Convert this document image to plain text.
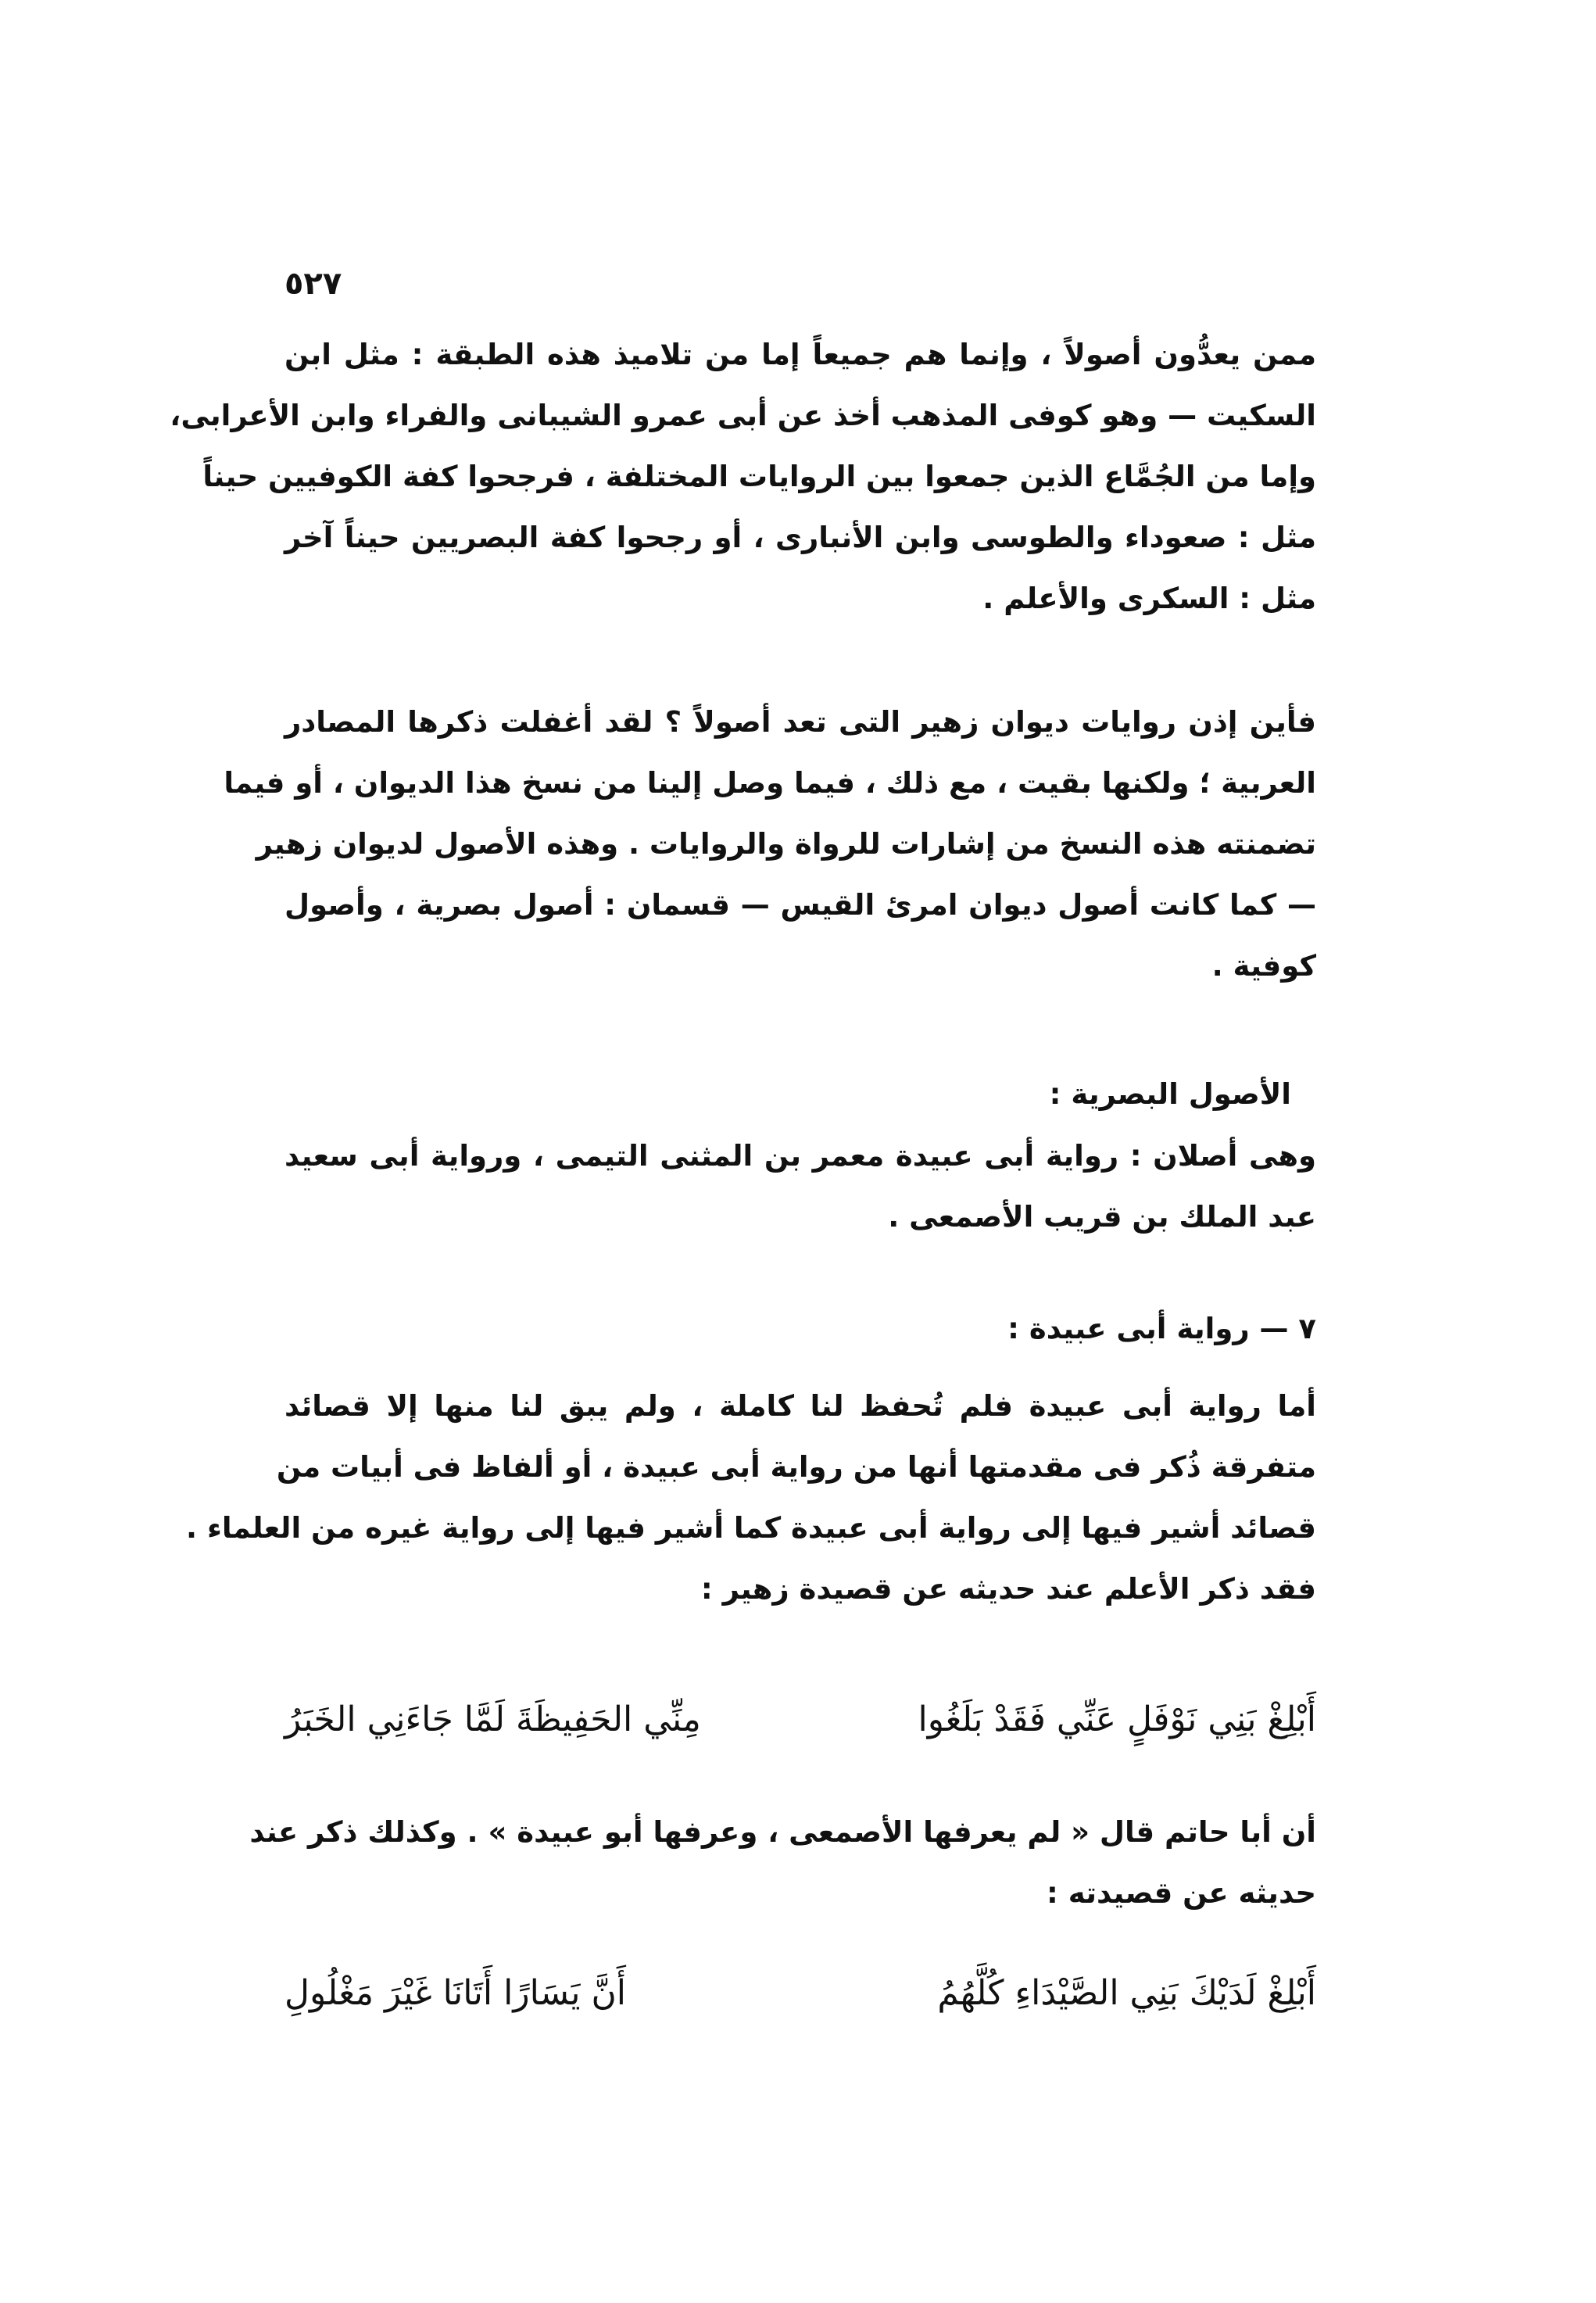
٥٢٧
ممن يعدُّون أصولاً ، وإنما هم جميعاً إما من تلاميذ هذه الطبقة : مثل ابن
السكيت — وهو كوفى المذهب أخذ عن أبى عمرو الشيبانى والفراء وابن الأعرابى،
وإما من الجُمَّاع الذين جمعوا بين الروايات المختلفة ، فرجحوا كفة الكوفيين حيناً
مثل : صعوداء والطوسى وابن الأنبارى ، أو رجحوا كفة البصريين حيناً آخر
مثل : السكرى والأعلم .
فأين إذن روايات ديوان زهير التى تعد أصولاً ؟ لقد أغفلت ذكرها المصادر
العربية ؛ ولكنها بقيت ، مع ذلك ، فيما وصل إلينا من نسخ هذا الديوان ، أو فيما
تضمنته هذه النسخ من إشارات للرواة والروايات . وهذه الأصول لديوان زهير
— كما كانت أصول ديوان امرئ القيس — قسمان : أصول بصرية ، وأصول
كوفية .
الأصول البصرية :
وهى أصلان : رواية أبى عبيدة معمر بن المثنى التيمى ، ورواية أبى سعيد
عبد الملك بن قريب الأصمعى .
٧ — رواية أبى عبيدة :
أما رواية أبى عبيدة فلم تُحفظ لنا كاملة ، ولم يبق لنا منها إلا قصائد
متفرقة ذُكر فى مقدمتها أنها من رواية أبى عبيدة ، أو ألفاظ فى أبيات من
قصائد أشير فيها إلى رواية أبى عبيدة كما أشير فيها إلى رواية غيره من العلماء .
فقد ذكر الأعلم عند حديثه عن قصيدة زهير :
أَبْلِغْ بَنِي نَوْفَلٍ عَنِّي فَقَدْ بَلَغُوا
مِنِّي الحَفِيظَةَ لَمَّا جَاءَنِي الخَبَرُ
أن أبا حاتم قال « لم يعرفها الأصمعى ، وعرفها أبو عبيدة » . وكذلك ذكر عند
حديثه عن قصيدته :
أَبْلِغْ لَدَيْكَ بَنِي الصَّيْدَاءِ كُلَّهُمُ
أَنَّ يَسَارًا أَتَانَا غَيْرَ مَغْلُولِ
